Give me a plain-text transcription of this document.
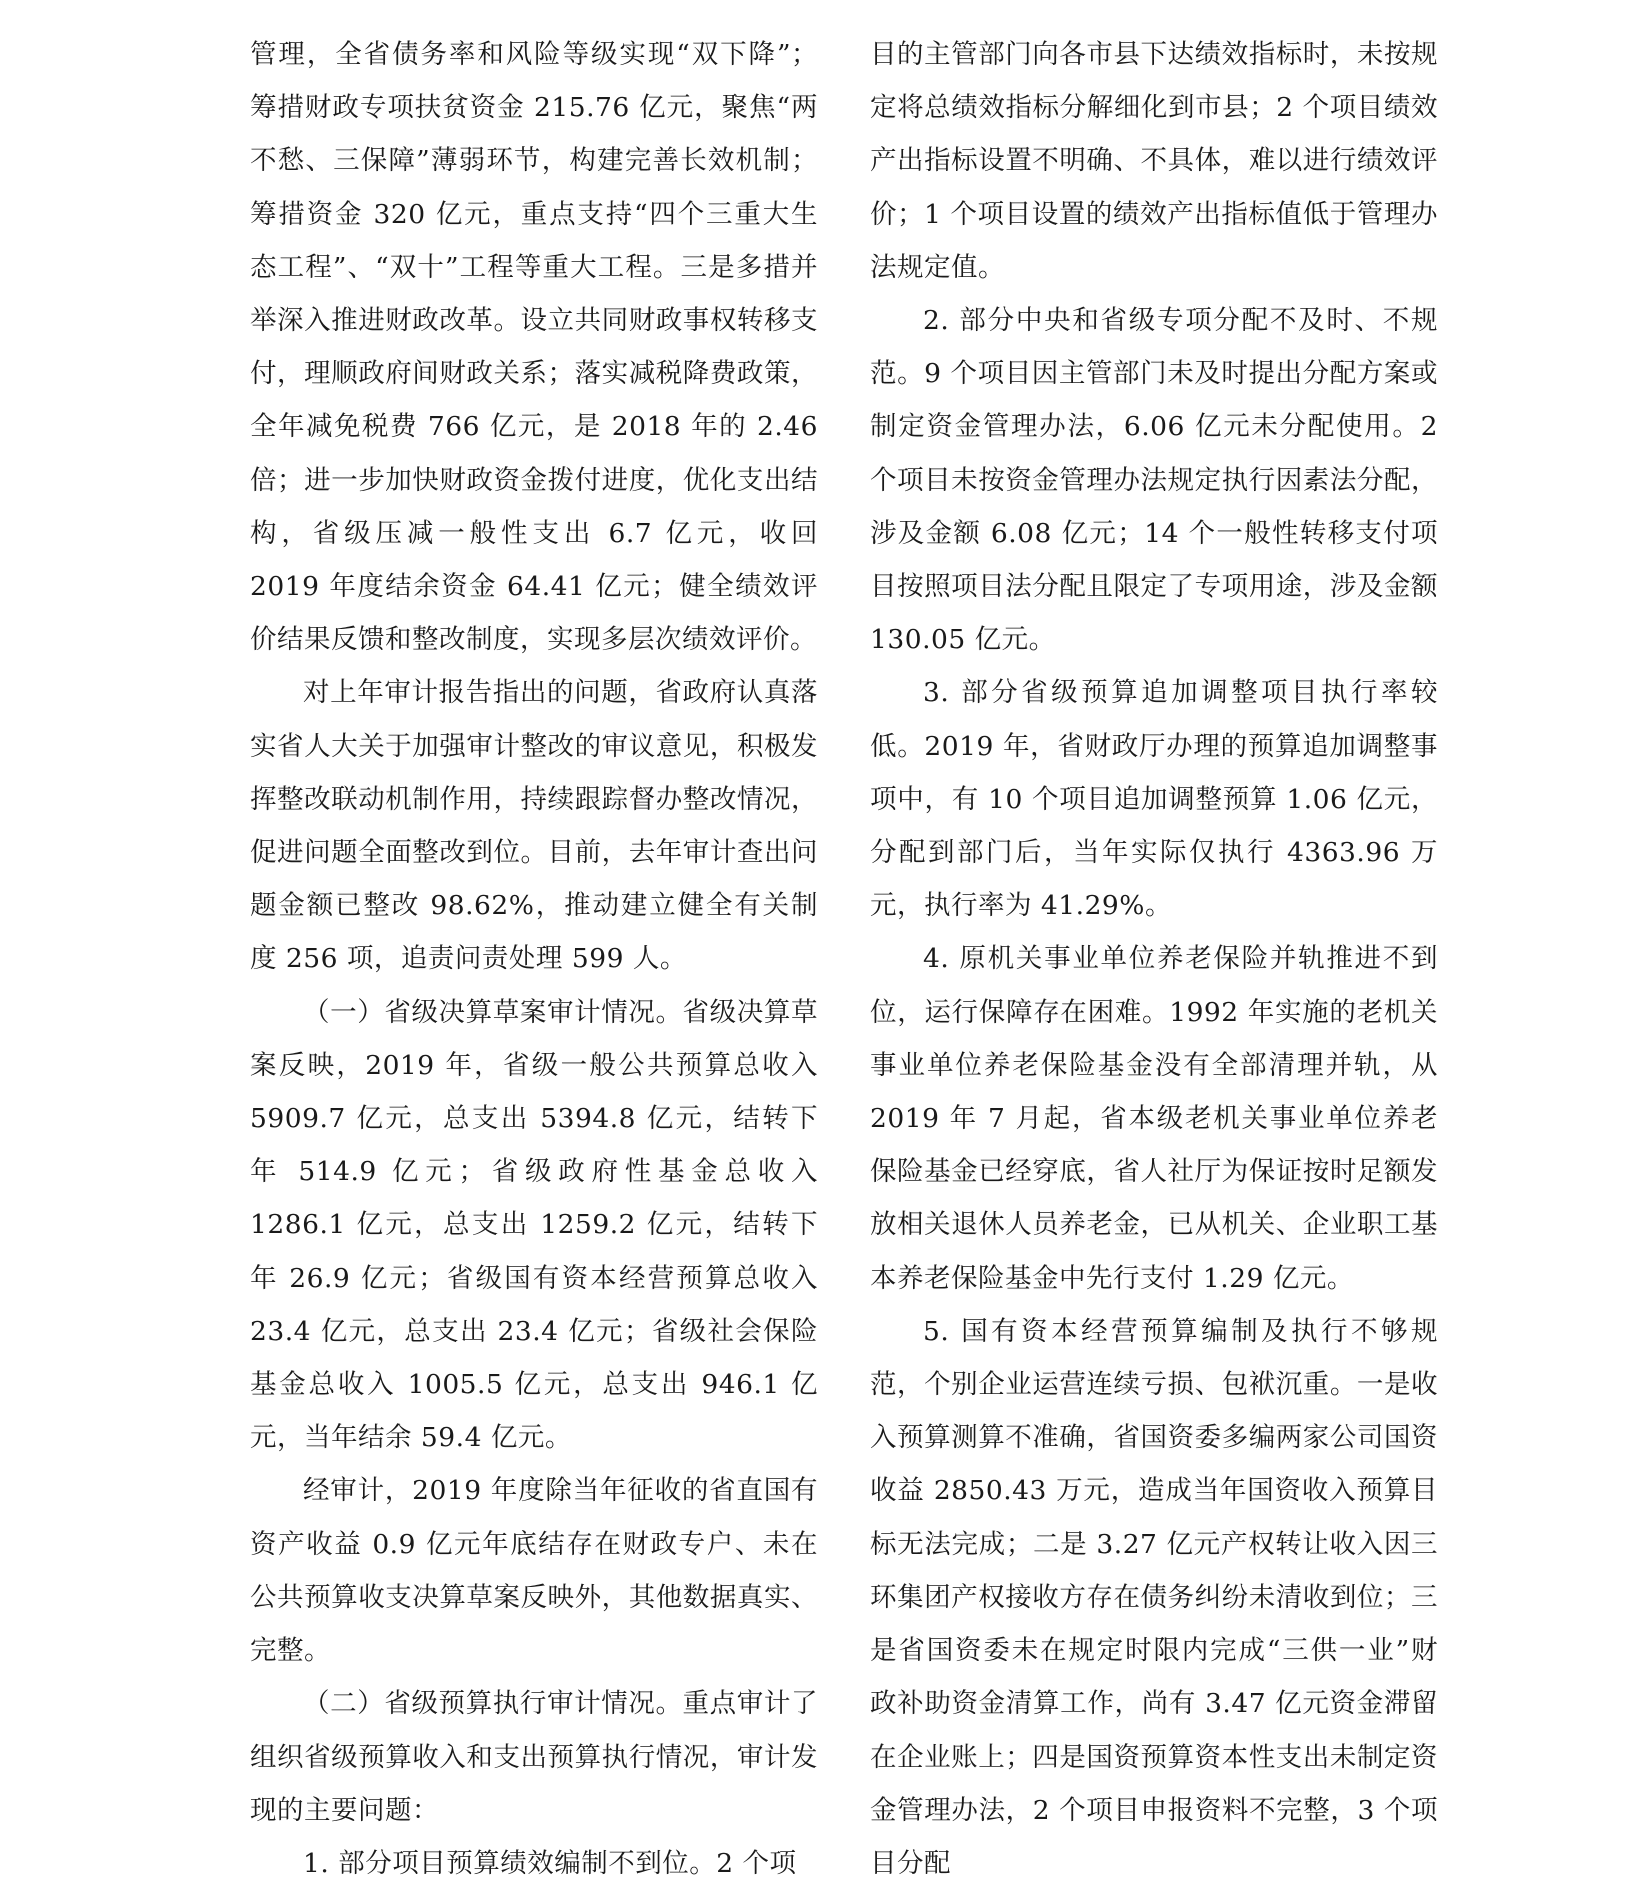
管理，全省债务率和风险等级实现“双下降”；筹措财政专项扶贫资金 215.76 亿元，聚焦“两不愁、三保障”薄弱环节，构建完善长效机制；筹措资金 320 亿元，重点支持“四个三重大生态工程”、“双十”工程等重大工程。三是多措并举深入推进财政改革。设立共同财政事权转移支付，理顺政府间财政关系；落实减税降费政策，全年减免税费 766 亿元，是 2018 年的 2.46 倍；进一步加快财政资金拨付进度，优化支出结构，省级压减一般性支出 6.7 亿元，收回 2019 年度结余资金 64.41 亿元；健全绩效评价结果反馈和整改制度，实现多层次绩效评价。

对上年审计报告指出的问题，省政府认真落实省人大关于加强审计整改的审议意见，积极发挥整改联动机制作用，持续跟踪督办整改情况，促进问题全面整改到位。目前，去年审计查出问题金额已整改 98.62%，推动建立健全有关制度 256 项，追责问责处理 599 人。

（一）省级决算草案审计情况。省级决算草案反映，2019 年，省级一般公共预算总收入 5909.7 亿元，总支出 5394.8 亿元，结转下年 514.9 亿元；省级政府性基金总收入 1286.1 亿元，总支出 1259.2 亿元，结转下年 26.9 亿元；省级国有资本经营预算总收入 23.4 亿元，总支出 23.4 亿元；省级社会保险基金总收入 1005.5 亿元，总支出 946.1 亿元，当年结余 59.4 亿元。

经审计，2019 年度除当年征收的省直国有资产收益 0.9 亿元年底结存在财政专户、未在公共预算收支决算草案反映外，其他数据真实、完整。

（二）省级预算执行审计情况。重点审计了组织省级预算收入和支出预算执行情况，审计发现的主要问题：

1. 部分项目预算绩效编制不到位。2 个项

目的主管部门向各市县下达绩效指标时，未按规定将总绩效指标分解细化到市县；2 个项目绩效产出指标设置不明确、不具体，难以进行绩效评价；1 个项目设置的绩效产出指标值低于管理办法规定值。

2. 部分中央和省级专项分配不及时、不规范。9 个项目因主管部门未及时提出分配方案或制定资金管理办法，6.06 亿元未分配使用。2 个项目未按资金管理办法规定执行因素法分配，涉及金额 6.08 亿元；14 个一般性转移支付项目按照项目法分配且限定了专项用途，涉及金额 130.05 亿元。

3. 部分省级预算追加调整项目执行率较低。2019 年，省财政厅办理的预算追加调整事项中，有 10 个项目追加调整预算 1.06 亿元，分配到部门后，当年实际仅执行 4363.96 万元，执行率为 41.29%。

4. 原机关事业单位养老保险并轨推进不到位，运行保障存在困难。1992 年实施的老机关事业单位养老保险基金没有全部清理并轨，从 2019 年 7 月起，省本级老机关事业单位养老保险基金已经穿底，省人社厅为保证按时足额发放相关退休人员养老金，已从机关、企业职工基本养老保险基金中先行支付 1.29 亿元。

5. 国有资本经营预算编制及执行不够规范，个别企业运营连续亏损、包袱沉重。一是收入预算测算不准确，省国资委多编两家公司国资收益 2850.43 万元，造成当年国资收入预算目标无法完成；二是 3.27 亿元产权转让收入因三环集团产权接收方存在债务纠纷未清收到位；三是省国资委未在规定时限内完成“三供一业”财政补助资金清算工作，尚有 3.47 亿元资金滞留在企业账上；四是国资预算资本性支出未制定资金管理办法，2 个项目申报资料不完整，3 个项目分配
